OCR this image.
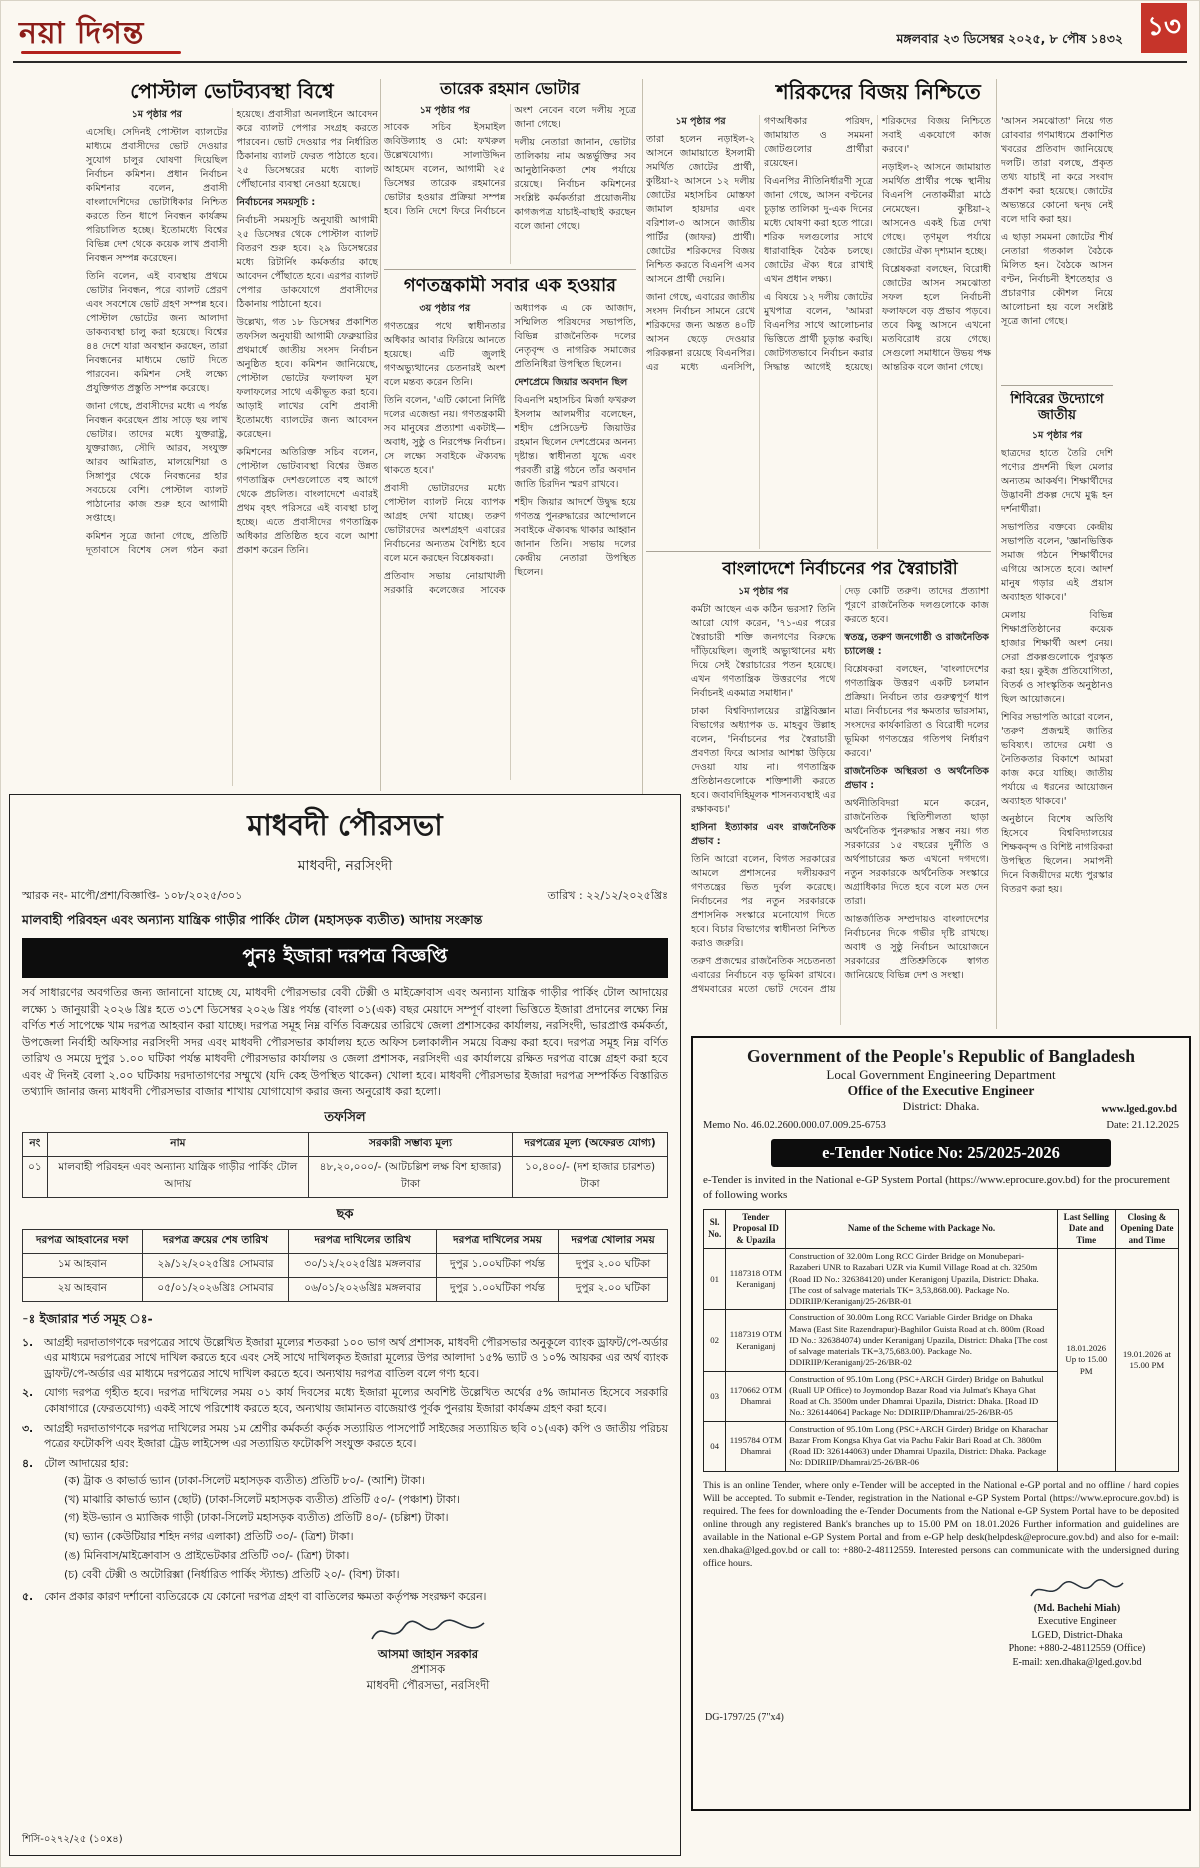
নয়া দিগন্ত	মঙ্গলবার ২৩ ডিসেম্বর ২০২৫, ৮ পৌষ ১৪৩২ ১৩
পোস্টাল ভোটব্যবস্থা বিশ্বে

১ম পৃষ্ঠার পর

এসেছি। সেদিনই পোস্টাল ব্যালটের মাধ্যমে প্রবাসীদের ভোট দেওয়ার সুযোগ চালুর ঘোষণা দিয়েছিল নির্বাচন কমিশন। প্রধান নির্বাচন কমিশনার বলেন, প্রবাসী বাংলাদেশিদের ভোটাধিকার নিশ্চিত করতে তিন ধাপে নিবন্ধন কার্যক্রম পরিচালিত হচ্ছে। ইতোমধ্যে বিশ্বের বিভিন্ন দেশ থেকে কয়েক লাখ প্রবাসী নিবন্ধন সম্পন্ন করেছেন।

তিনি বলেন, এই ব্যবস্থায় প্রথমে ভোটার নিবন্ধন, পরে ব্যালট প্রেরণ এবং সবশেষে ভোট গ্রহণ সম্পন্ন হবে। পোস্টাল ভোটের জন্য আলাদা ডাকব্যবস্থা চালু করা হয়েছে। বিশ্বের ৪৪ দেশে যারা অবস্থান করছেন, তারা নিবন্ধনের মাধ্যমে ভোট দিতে পারবেন। কমিশন সেই লক্ষ্যে প্রযুক্তিগত প্রস্তুতি সম্পন্ন করেছে।

জানা গেছে, প্রবাসীদের মধ্যে এ পর্যন্ত নিবন্ধন করেছেন প্রায় সাড়ে ছয় লাখ ভোটার। তাদের মধ্যে যুক্তরাষ্ট্র, যুক্তরাজ্য, সৌদি আরব, সংযুক্ত আরব আমিরাত, মালয়েশিয়া ও সিঙ্গাপুর থেকে নিবন্ধনের হার সবচেয়ে বেশি। পোস্টাল ব্যালট পাঠানোর কাজ শুরু হবে আগামী সপ্তাহে।

কমিশন সূত্রে জানা গেছে, প্রতিটি দূতাবাসে বিশেষ সেল গঠন করা হয়েছে। প্রবাসীরা অনলাইনে আবেদন করে ব্যালট পেপার সংগ্রহ করতে পারবেন। ভোট দেওয়ার পর নির্ধারিত ঠিকানায় ব্যালট ফেরত পাঠাতে হবে। ২৫ ডিসেম্বরের মধ্যে ব্যালট পৌঁছানোর ব্যবস্থা নেওয়া হয়েছে।

নির্বাচনের সময়সূচি :

নির্বাচনী সময়সূচি অনুযায়ী আগামী ২৫ ডিসেম্বর থেকে পোস্টাল ব্যালট বিতরণ শুরু হবে। ২৯ ডিসেম্বরের মধ্যে রিটার্নিং কর্মকর্তার কাছে আবেদন পৌঁছাতে হবে। এরপর ব্যালট পেপার ডাকযোগে প্রবাসীদের ঠিকানায় পাঠানো হবে।

উল্লেখ্য, গত ১৮ ডিসেম্বর প্রকাশিত তফসিল অনুযায়ী আগামী ফেব্রুয়ারির প্রথমার্ধে জাতীয় সংসদ নির্বাচন অনুষ্ঠিত হবে। কমিশন জানিয়েছে, পোস্টাল ভোটের ফলাফল মূল ফলাফলের সাথে একীভূত করা হবে। আড়াই লাখের বেশি প্রবাসী ইতোমধ্যে ব্যালটের জন্য আবেদন করেছেন।

কমিশনের অতিরিক্ত সচিব বলেন, পোস্টাল ভোটব্যবস্থা বিশ্বের উন্নত গণতান্ত্রিক দেশগুলোতে বহু আগে থেকে প্রচলিত। বাংলাদেশে এবারই প্রথম বৃহৎ পরিসরে এই ব্যবস্থা চালু হচ্ছে। এতে প্রবাসীদের গণতান্ত্রিক অধিকার প্রতিষ্ঠিত হবে বলে আশা প্রকাশ করেন তিনি।

তারেক রহমান ভোটার

১ম পৃষ্ঠার পর

সাবেক সচিব ইসমাইল জবিউল্যাহ ও মো: ফখরুল উল্লেখযোগ্য। সালাউদ্দিন আহমেদ বলেন, আগামী ২৫ ডিসেম্বর তারেক রহমানের ভোটার হওয়ার প্রক্রিয়া সম্পন্ন হবে। তিনি দেশে ফিরে নির্বাচনে অংশ নেবেন বলে দলীয় সূত্রে জানা গেছে।

দলীয় নেতারা জানান, ভোটার তালিকায় নাম অন্তর্ভুক্তির সব আনুষ্ঠানিকতা শেষ পর্যায়ে রয়েছে। নির্বাচন কমিশনের সংশ্লিষ্ট কর্মকর্তারা প্রয়োজনীয় কাগজপত্র যাচাই-বাছাই করছেন বলে জানা গেছে।

গণতন্ত্রকামী সবার এক হওয়ার

৩য় পৃষ্ঠার পর

গণতন্ত্রের পথে স্বাধীনতার অধিকার আবার ফিরিয়ে আনতে হয়েছে। এটি জুলাই গণঅভ্যুত্থানের চেতনারই অংশ বলে মন্তব্য করেন তিনি।

তিনি বলেন, 'এটি কোনো নির্দিষ্ট দলের এজেন্ডা নয়। গণতন্ত্রকামী সব মানুষের প্রত্যাশা একটাই— অবাধ, সুষ্ঠু ও নিরপেক্ষ নির্বাচন। সে লক্ষ্যে সবাইকে ঐক্যবদ্ধ থাকতে হবে।'

প্রবাসী ভোটারদের মধ্যে পোস্টাল ব্যালট নিয়ে ব্যাপক আগ্রহ দেখা যাচ্ছে। তরুণ ভোটারদের অংশগ্রহণ এবারের নির্বাচনের অন্যতম বৈশিষ্ট্য হবে বলে মনে করছেন বিশ্লেষকরা।

প্রতিবাদ সভায় নোয়াখালী সরকারি কলেজের সাবেক অধ্যাপক এ কে আজাদ, সম্মিলিত পরিষদের সভাপতি, বিভিন্ন রাজনৈতিক দলের নেতৃবৃন্দ ও নাগরিক সমাজের প্রতিনিধিরা উপস্থিত ছিলেন।

দেশপ্রেমে জিয়ার অবদান ছিল

বিএনপি মহাসচিব মির্জা ফখরুল ইসলাম আলমগীর বলেছেন, শহীদ প্রেসিডেন্ট জিয়াউর রহমান ছিলেন দেশপ্রেমের অনন্য দৃষ্টান্ত। স্বাধীনতা যুদ্ধে এবং পরবর্তী রাষ্ট্র গঠনে তাঁর অবদান জাতি চিরদিন স্মরণ রাখবে।

শহীদ জিয়ার আদর্শে উদ্বুদ্ধ হয়ে গণতন্ত্র পুনরুদ্ধারের আন্দোলনে সবাইকে ঐক্যবদ্ধ থাকার আহ্বান জানান তিনি। সভায় দলের কেন্দ্রীয় নেতারা উপস্থিত ছিলেন।

শরিকদের বিজয় নিশ্চিতে

১ম পৃষ্ঠার পর

তারা হলেন নড়াইল-২ আসনে জামায়াতে ইসলামী সমর্থিত জোটের প্রার্থী, কুষ্টিয়া-২ আসনে ১২ দলীয় জোটের মহাসচিব মোস্তফা জামাল হায়দার এবং বরিশাল-৩ আসনে জাতীয় পার্টির (জাফর) প্রার্থী। জোটের শরিকদের বিজয় নিশ্চিত করতে বিএনপি এসব আসনে প্রার্থী দেয়নি।

জানা গেছে, এবারের জাতীয় সংসদ নির্বাচন সামনে রেখে শরিকদের জন্য অন্তত ৪০টি আসন ছেড়ে দেওয়ার পরিকল্পনা রয়েছে বিএনপির। এর মধ্যে এনসিপি, গণঅধিকার পরিষদ, জামায়াত ও সমমনা জোটগুলোর প্রার্থীরা রয়েছেন।

বিএনপির নীতিনির্ধারণী সূত্রে জানা গেছে, আসন বণ্টনের চূড়ান্ত তালিকা দু-এক দিনের মধ্যে ঘোষণা করা হতে পারে। শরিক দলগুলোর সাথে ধারাবাহিক বৈঠক চলছে। জোটের ঐক্য ধরে রাখাই এখন প্রধান লক্ষ্য।

এ বিষয়ে ১২ দলীয় জোটের মুখপাত্র বলেন, 'আমরা বিএনপির সাথে আলোচনার ভিত্তিতে প্রার্থী চূড়ান্ত করছি। জোটগতভাবে নির্বাচন করার সিদ্ধান্ত আগেই হয়েছে। শরিকদের বিজয় নিশ্চিতে সবাই একযোগে কাজ করবে।'

নড়াইল-২ আসনে জামায়াত সমর্থিত প্রার্থীর পক্ষে স্থানীয় বিএনপি নেতাকর্মীরা মাঠে নেমেছেন। কুষ্টিয়া-২ আসনেও একই চিত্র দেখা গেছে। তৃণমূল পর্যায়ে জোটের ঐক্য দৃশ্যমান হচ্ছে।

বিশ্লেষকরা বলছেন, বিরোধী জোটের আসন সমঝোতা সফল হলে নির্বাচনী ফলাফলে বড় প্রভাব পড়বে। তবে কিছু আসনে এখনো মতবিরোধ রয়ে গেছে। সেগুলো সমাধানে উভয় পক্ষ আন্তরিক বলে জানা গেছে।

'আসন সমঝোতা' নিয়ে গত রোববার গণমাধ্যমে প্রকাশিত খবরের প্রতিবাদ জানিয়েছে দলটি। তারা বলছে, প্রকৃত তথ্য যাচাই না করে সংবাদ প্রকাশ করা হয়েছে। জোটের অভ্যন্তরে কোনো দ্বন্দ্ব নেই বলে দাবি করা হয়।

এ ছাড়া সমমনা জোটের শীর্ষ নেতারা গতকাল বৈঠকে মিলিত হন। বৈঠকে আসন বণ্টন, নির্বাচনী ইশতেহার ও প্রচারণার কৌশল নিয়ে আলোচনা হয় বলে সংশ্লিষ্ট সূত্রে জানা গেছে।

শিবিরের উদ্যোগে জাতীয়

১ম পৃষ্ঠার পর

ছাত্রদের হাতে তৈরি দেশি পণ্যের প্রদর্শনী ছিল মেলার অন্যতম আকর্ষণ। শিক্ষার্থীদের উদ্ভাবনী প্রকল্প দেখে মুগ্ধ হন দর্শনার্থীরা।

সভাপতির বক্তব্যে কেন্দ্রীয় সভাপতি বলেন, 'জ্ঞানভিত্তিক সমাজ গঠনে শিক্ষার্থীদের এগিয়ে আসতে হবে। আদর্শ মানুষ গড়ার এই প্রয়াস অব্যাহত থাকবে।'

মেলায় বিভিন্ন শিক্ষাপ্রতিষ্ঠানের কয়েক হাজার শিক্ষার্থী অংশ নেয়। সেরা প্রকল্পগুলোকে পুরস্কৃত করা হয়। কুইজ প্রতিযোগিতা, বিতর্ক ও সাংস্কৃতিক অনুষ্ঠানও ছিল আয়োজনে।

শিবির সভাপতি আরো বলেন, 'তরুণ প্রজন্মই জাতির ভবিষ্যৎ। তাদের মেধা ও নৈতিকতার বিকাশে আমরা কাজ করে যাচ্ছি। জাতীয় পর্যায়ে এ ধরনের আয়োজন অব্যাহত থাকবে।'

অনুষ্ঠানে বিশেষ অতিথি হিসেবে বিশ্ববিদ্যালয়ের শিক্ষকবৃন্দ ও বিশিষ্ট নাগরিকরা উপস্থিত ছিলেন। সমাপনী দিনে বিজয়ীদের মধ্যে পুরস্কার বিতরণ করা হয়।

বাংলাদেশে নির্বাচনের পর স্বৈরাচারী

১ম পৃষ্ঠার পর

কর্মটা আছেন এক কঠিন ভরসা? তিনি আরো যোগ করেন, '৭১-এর পরের স্বৈরাচারী শক্তি জনগণের বিরুদ্ধে দাঁড়িয়েছিল। জুলাই অভ্যুত্থানের মধ্য দিয়ে সেই স্বৈরাচারের পতন হয়েছে। এখন গণতান্ত্রিক উত্তরণের পথে নির্বাচনই একমাত্র সমাধান।'

ঢাকা বিশ্ববিদ্যালয়ের রাষ্ট্রবিজ্ঞান বিভাগের অধ্যাপক ড. মাহবুব উল্লাহ বলেন, 'নির্বাচনের পর স্বৈরাচারী প্রবণতা ফিরে আসার আশঙ্কা উড়িয়ে দেওয়া যায় না। গণতান্ত্রিক প্রতিষ্ঠানগুলোকে শক্তিশালী করতে হবে। জবাবদিহিমূলক শাসনব্যবস্থাই এর রক্ষাকবচ।'

হাসিনা ইত্যাকার এবং রাজনৈতিক প্রভাব :

তিনি আরো বলেন, বিগত সরকারের আমলে প্রশাসনের দলীয়করণ গণতন্ত্রের ভিত দুর্বল করেছে। নির্বাচনের পর নতুন সরকারকে প্রশাসনিক সংস্কারে মনোযোগ দিতে হবে। বিচার বিভাগের স্বাধীনতা নিশ্চিত করাও জরুরি।

তরুণ প্রজন্মের রাজনৈতিক সচেতনতা এবারের নির্বাচনে বড় ভূমিকা রাখবে। প্রথমবারের মতো ভোট দেবেন প্রায় দেড় কোটি তরুণ। তাদের প্রত্যাশা পূরণে রাজনৈতিক দলগুলোকে কাজ করতে হবে।

স্বতন্ত্র, তরুণ জনগোষ্ঠী ও রাজনৈতিক চ্যালেঞ্জ :

বিশ্লেষকরা বলছেন, 'বাংলাদেশের গণতান্ত্রিক উত্তরণ একটি চলমান প্রক্রিয়া। নির্বাচন তার গুরুত্বপূর্ণ ধাপ মাত্র। নির্বাচনের পর ক্ষমতার ভারসাম্য, সংসদের কার্যকারিতা ও বিরোধী দলের ভূমিকা গণতন্ত্রের গতিপথ নির্ধারণ করবে।'

রাজনৈতিক অস্থিরতা ও অর্থনৈতিক প্রভাব :

অর্থনীতিবিদরা মনে করেন, রাজনৈতিক স্থিতিশীলতা ছাড়া অর্থনৈতিক পুনরুদ্ধার সম্ভব নয়। গত সরকারের ১৫ বছরের দুর্নীতি ও অর্থপাচারের ক্ষত এখনো দগদগে। নতুন সরকারকে অর্থনৈতিক সংস্কারে অগ্রাধিকার দিতে হবে বলে মত দেন তারা।

আন্তর্জাতিক সম্প্রদায়ও বাংলাদেশের নির্বাচনের দিকে গভীর দৃষ্টি রাখছে। অবাধ ও সুষ্ঠু নির্বাচন আয়োজনে সরকারের প্রতিশ্রুতিকে স্বাগত জানিয়েছে বিভিন্ন দেশ ও সংস্থা।

মাধবদী পৌরসভা
মাধবদী, নরসিংদী
স্মারক নং- মাপৌ/প্রশা/বিজ্ঞাপ্তি- ১০৮/২০২৫/৩০১	তারিখ : ২২/১২/২০২৫খ্রিঃ
মালবাহী পরিবহন এবং অন্যান্য যান্ত্রিক গাড়ীর পার্কিং টোল (মহাসড়ক ব্যতীত) আদায় সংক্রান্ত
পুনঃ ইজারা দরপত্র বিজ্ঞপ্তি

সর্ব সাধারণের অবগতির জন্য জানানো যাচ্ছে যে, মাধবদী পৌরসভার বেবী টেক্সী ও মাইক্রোবাস এবং অন্যান্য যান্ত্রিক গাড়ীর পার্কিং টোল আদায়ের লক্ষ্যে ১ জানুয়ারী ২০২৬ খ্রিঃ হতে ৩১শে ডিসেম্বর ২০২৬ খ্রিঃ পর্যন্ত (বাংলা ০১(এক) বছর মেয়াদে সম্পূর্ণ বাংলা ভিত্তিতে ইজারা প্রদানের লক্ষ্যে নিম্ন বর্ণিত শর্ত সাপেক্ষে খাম দরপত্র আহবান করা যাচ্ছে। দরপত্র সমূহ নিম্ন বর্ণিত বিক্রয়ের তারিখে জেলা প্রশাসকের কার্যালয়, নরসিংদী, ভারপ্রাপ্ত কর্মকর্তা, উপজেলা নির্বাহী অফিসার নরসিংদী সদর এবং মাধবদী পৌরসভার কার্যালয় হতে অফিস চলাকালীন সময়ে বিক্রয় করা হবে। দরপত্র সমূহ নিম্ন বর্ণিত তারিখ ও সময়ে দুপুর ১.০০ ঘটিকা পর্যন্ত মাধবদী পৌরসভার কার্যালয় ও জেলা প্রশাসক, নরসিংদী এর কার্যালয়ে রক্ষিত দরপত্র বাক্সে গ্রহণ করা হবে এবং ঐ দিনই বেলা ২.০০ ঘটিকায় দরদাতাগণের সম্মুখে (যদি কেহ উপস্থিত থাকেন) খোলা হবে। মাধবদী পৌরসভার ইজারা দরপত্র সম্পর্কিত বিস্তারিত তথ্যাদি জানার জন্য মাধবদী পৌরসভার বাজার শাখায় যোগাযোগ করার জন্য অনুরোধ করা হলো।

তফসিল
নং	নাম	সরকারী সম্ভাব্য মূল্য	দরপত্রের মূল্য (অফেরত যোগ্য)
০১	মালবাহী পরিবহন এবং অন্যান্য যান্ত্রিক গাড়ীর পার্কিং টোল আদায়	৪৮,২০,০০০/- (আটচল্লিশ লক্ষ বিশ হাজার) টাকা	১০,৪০০/- (দশ হাজার চারশত) টাকা
ছক
দরপত্র আহবানের দফা	দরপত্র ক্রয়ের শেষ তারিখ	দরপত্র দাখিলের তারিখ	দরপত্র দাখিলের সময়	দরপত্র খোলার সময়
১ম আহবান	২৯/১২/২০২৫খ্রিঃ সোমবার	৩০/১২/২০২৫খ্রিঃ মঙ্গলবার	দুপুর ১.০০ঘটিকা পর্যন্ত	দুপুর ২.০০ ঘটিকা
২য় আহবান	০৫/০১/২০২৬খ্রিঃ সোমবার	০৬/০১/২০২৬খ্রিঃ মঙ্গলবার	দুপুর ১.০০ঘটিকা পর্যন্ত	দুপুর ২.০০ ঘটিকা
-ঃ ইজারার শর্ত সমূহ ঃ-
১.	আগ্রহী দরদাতাগণকে দরপত্রের সাথে উল্লেখিত ইজারা মূল্যের শতকরা ১০০ ভাগ অর্থ প্রশাসক, মাধবদী পৌরসভার অনুকূলে ব্যাংক ড্রাফট/পে-অর্ডার এর মাধ্যমে দরপত্রের সাথে দাখিল করতে হবে এবং সেই সাথে দাখিলকৃত ইজারা মূল্যের উপর আলাদা ১৫% ভ্যাট ও ১০% আয়কর এর অর্থ ব্যাংক ড্রাফট/পে-অর্ডার এর মাধ্যমে দরপত্রের সাথে দাখিল করতে হবে। অন্যথায় দরপত্র বাতিল বলে গণ্য হবে।
২.	যোগ্য দরপত্র গৃহীত হবে। দরপত্র দাখিলের সময় ০১ কার্য দিবসের মধ্যে ইজারা মূল্যের অবশিষ্ট উল্লেখিত অর্থের ৫% জামানত হিসেবে সরকারি কোষাগারে (ফেরতযোগ্য) একই সাথে পরিশোধ করতে হবে, অন্যথায় জামানত বাজেয়াপ্ত পূর্বক পুনরায় ইজারা কার্যক্রম গ্রহণ করা হবে।
৩.	আগ্রহী দরদাতাগণকে দরপত্র দাখিলের সময় ১ম শ্রেণীর কর্মকর্তা কর্তৃক সত্যায়িত পাসপোর্ট সাইজের সত্যায়িত ছবি ০১(এক) কপি ও জাতীয় পরিচয় পত্রের ফটোকপি এবং ইজারা ট্রেড লাইসেন্স এর সত্যায়িত ফটোকপি সংযুক্ত করতে হবে।
৪.	টোল আদায়ের হার:
(ক) ট্রাক ও কাভার্ড ভ্যান (ঢাকা-সিলেট মহাসড়ক ব্যতীত) প্রতিটি ৮০/- (আশি) টাকা।
(খ) মাঝারি কাভার্ড ভ্যান (ছোট) (ঢাকা-সিলেট মহাসড়ক ব্যতীত) প্রতিটি ৫০/- (পঞ্চাশ) টাকা।
(গ) ইউ-ভ্যান ও ম্যাজিক গাড়ী (ঢাকা-সিলেট মহাসড়ক ব্যতীত) প্রতিটি ৪০/- (চল্লিশ) টাকা।
(ঘ) ভ্যান (কেউটিয়ার শহিদ নগর এলাকা) প্রতিটি ৩০/- (ত্রিশ) টাকা।
(ঙ) মিনিবাস/মাইক্রোবাস ও প্রাইভেটকার প্রতিটি ৩০/- (ত্রিশ) টাকা।
(চ) বেবী টেক্সী ও অটোরিক্সা (নির্ধারিত পার্কিং স্ট্যান্ড) প্রতিটি ২০/- (বিশ) টাকা।
৫.	কোন প্রকার কারণ দর্শানো ব্যতিরেকে যে কোনো দরপত্র গ্রহণ বা বাতিলের ক্ষমতা কর্তৃপক্ষ সংরক্ষণ করেন।
আসমা জাহান সরকার
প্রশাসক
মাধবদী পৌরসভা, নরসিংদী
শিসি-০২৭২/২৫ (১০x৪)
Government of the People's Republic of Bangladesh
Local Government Engineering Department
Office of the Executive Engineer
District: Dhaka.	www.lged.gov.bd
Memo No. 46.02.2600.000.07.009.25-6753	Date: 21.12.2025
e-Tender Notice No: 25/2025-2026
e-Tender is invited in the National e-GP System Portal (https://www.eprocure.gov.bd) for the procurement of following works
Sl. No.	Tender Proposal ID & Upazila	Name of the Scheme with Package No.	Last Selling Date and Time	Closing & Opening Date and Time
01	1187318 OTM Keraniganj	Construction of 32.00m Long RCC Girder Bridge on Monubepari-Razaberi UNR to Razabari UZR via Kumil Village Road at ch. 3250m (Road ID No.: 326384120) under Keranigonj Upazila, District: Dhaka. [The cost of salvage materials TK= 3,53,868.00). Package No. DDIRIIP/Keraniganj/25-26/BR-01	18.01.2026 Up to 15.00 PM	19.01.2026 at 15.00 PM
02	1187319 OTM Keraniganj	Construction of 30.00m Long RCC Variable Girder Bridge on Dhaka Mawa (East Site Razendrapur)-Baghilor Guista Road at ch. 800m (Road ID No.: 326384074) under Keraniganj Upazila, District: Dhaka [The cost of salvage materials TK=3,75,683.00). Package No. DDIRIIP/Keraniganj/25-26/BR-02		
03	1170662 OTM Dhamrai	Construction of 95.10m Long (PSC+ARCH Girder) Bridge on Bahutkul (Ruall UP Office) to Joymondop Bazar Road via Julmat's Khaya Ghat Road at Ch. 3500m under Dhamrai Upazila, District: Dhaka. [Road ID No.: 326144064] Package No: DDIRIIP/Dhamrai/25-26/BR-05		
04	1195784 OTM Dhamrai	Construction of 95.10m Long (PSC+ARCH Girder) Bridge on Kharachar Bazar From Kongsa Khya Gat via Pachu Fakir Bari Road at Ch. 3800m (Road ID: 326144063) under Dhamrai Upazila, District: Dhaka. Package No: DDIRIIP/Dhamrai/25-26/BR-06		

This is an online Tender, where only e-Tender will be accepted in the National e-GP portal and no offline / hard copies Will be accepted. To submit e-Tender, registration in the National e-GP System Portal (https://www.eprocure.gov.bd) is required. The fees for downloading the e-Tender Documents from the National e-GP System Portal have to be deposited online through any registered Bank's branches up to 15.00 PM on 18.01.2026 Further information and guidelines are available in the National e-GP System Portal and from e-GP help desk(helpdesk@eprocure.gov.bd) and also for e-mail: xen.dhaka@lged.gov.bd or call to: +880-2-48112559. Interested persons can communicate with the undersigned during office hours.

(Md. Bachehi Miah)
Executive Engineer
LGED, District-Dhaka
Phone: +880-2-48112559 (Office)
E-mail: xen.dhaka@lged.gov.bd
DG-1797/25 (7"x4)
